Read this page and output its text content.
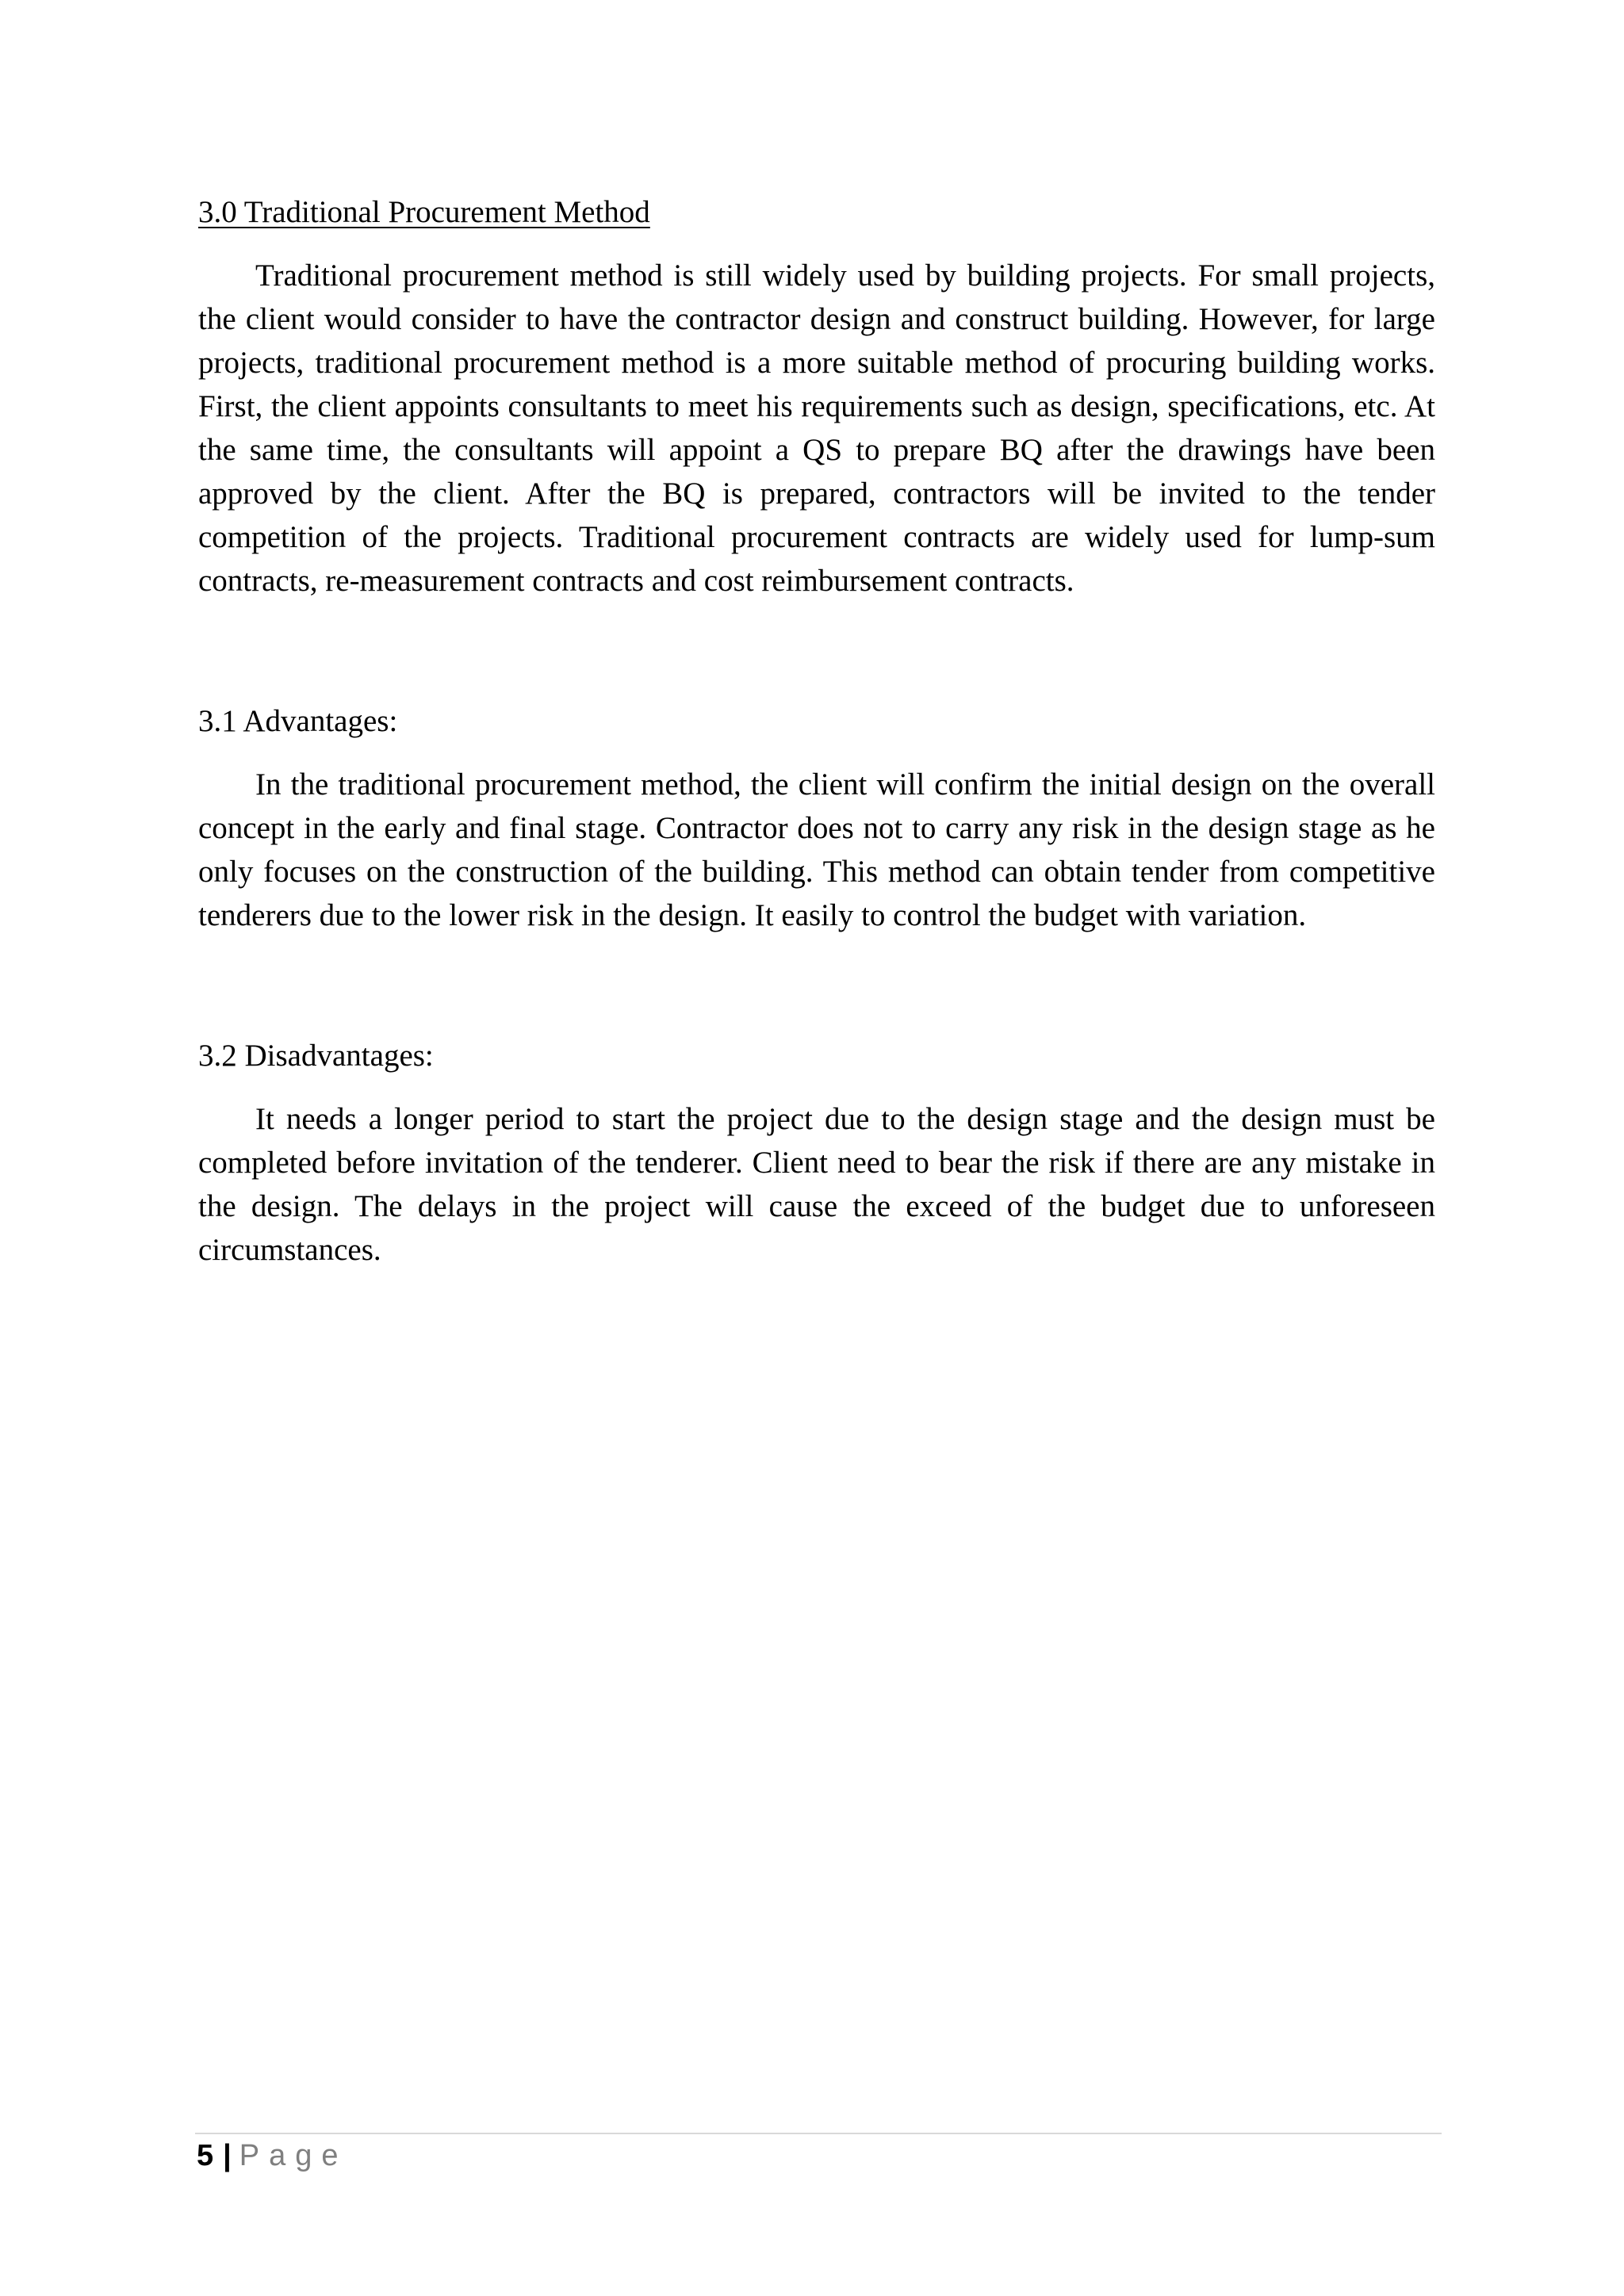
3.0 Traditional Procurement Method

Traditional procurement method is still widely used by building projects. For small projects, the client would consider to have the contractor design and construct building. However, for large projects, traditional procurement method is a more suitable method of procuring building works. First, the client appoints consultants to meet his requirements such as design, specifications, etc. At the same time, the consultants will appoint a QS to prepare BQ after the drawings have been approved by the client. After the BQ is prepared, contractors will be invited to the tender competition of the projects. Traditional procurement contracts are widely used for lump-sum contracts, re-measurement contracts and cost reimbursement contracts.

3.1 Advantages:

In the traditional procurement method, the client will confirm the initial design on the overall concept in the early and final stage. Contractor does not to carry any risk in the design stage as he only focuses on the construction of the building. This method can obtain tender from competitive tenderers due to the lower risk in the design. It easily to control the budget with variation.

3.2 Disadvantages:

It needs a longer period to start the project due to the design stage and the design must be completed before invitation of the tenderer. Client need to bear the risk if there are any mistake in the design. The delays in the project will cause the exceed of the budget due to unforeseen circumstances.

5 | Page
